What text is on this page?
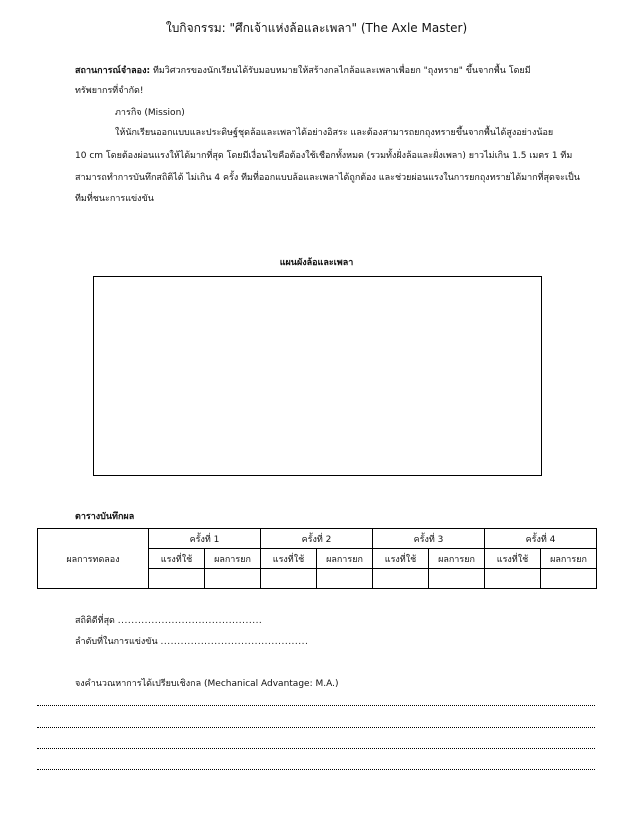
ใบกิจกรรม: "ศึกเจ้าแห่งล้อและเพลา" (The Axle Master)
สถานการณ์จำลอง: ทีมวิศวกรของนักเรียนได้รับมอบหมายให้สร้างกลไกล้อและเพลาเพื่อยก "ถุงทราย" ขึ้นจากพื้น โดยมี
ทรัพยากรที่จำกัด!
ภารกิจ (Mission)
ให้นักเรียนออกแบบและประดิษฐ์ชุดล้อและเพลาได้อย่างอิสระ และต้องสามารถยกถุงทรายขึ้นจากพื้นได้สูงอย่างน้อย
10 cm โดยต้องผ่อนแรงให้ได้มากที่สุด โดยมีเงื่อนไขคือต้องใช้เชือกทั้งหมด (รวมทั้งฝั่งล้อและฝั่งเพลา) ยาวไม่เกิน 1.5 เมตร 1 ทีม
สามารถทำการบันทึกสถิติได้ ไม่เกิน 4 ครั้ง ทีมที่ออกแบบล้อและเพลาได้ถูกต้อง และช่วยผ่อนแรงในการยกถุงทรายได้มากที่สุดจะเป็น
ทีมที่ชนะการแข่งขัน
แผนผังล้อและเพลา
ตารางบันทึกผล
ผลการทดลอง	ครั้งที่ 1		ครั้งที่ 2		ครั้งที่ 3		ครั้งที่ 4	
	แรงที่ใช้	ผลการยก	แรงที่ใช้	ผลการยก	แรงที่ใช้	ผลการยก	แรงที่ใช้	ผลการยก

สถิติดีที่สุด ...........................................
ลำดับที่ในการแข่งขัน ............................................
จงคำนวณหาการได้เปรียบเชิงกล (Mechanical Advantage: M.A.)
